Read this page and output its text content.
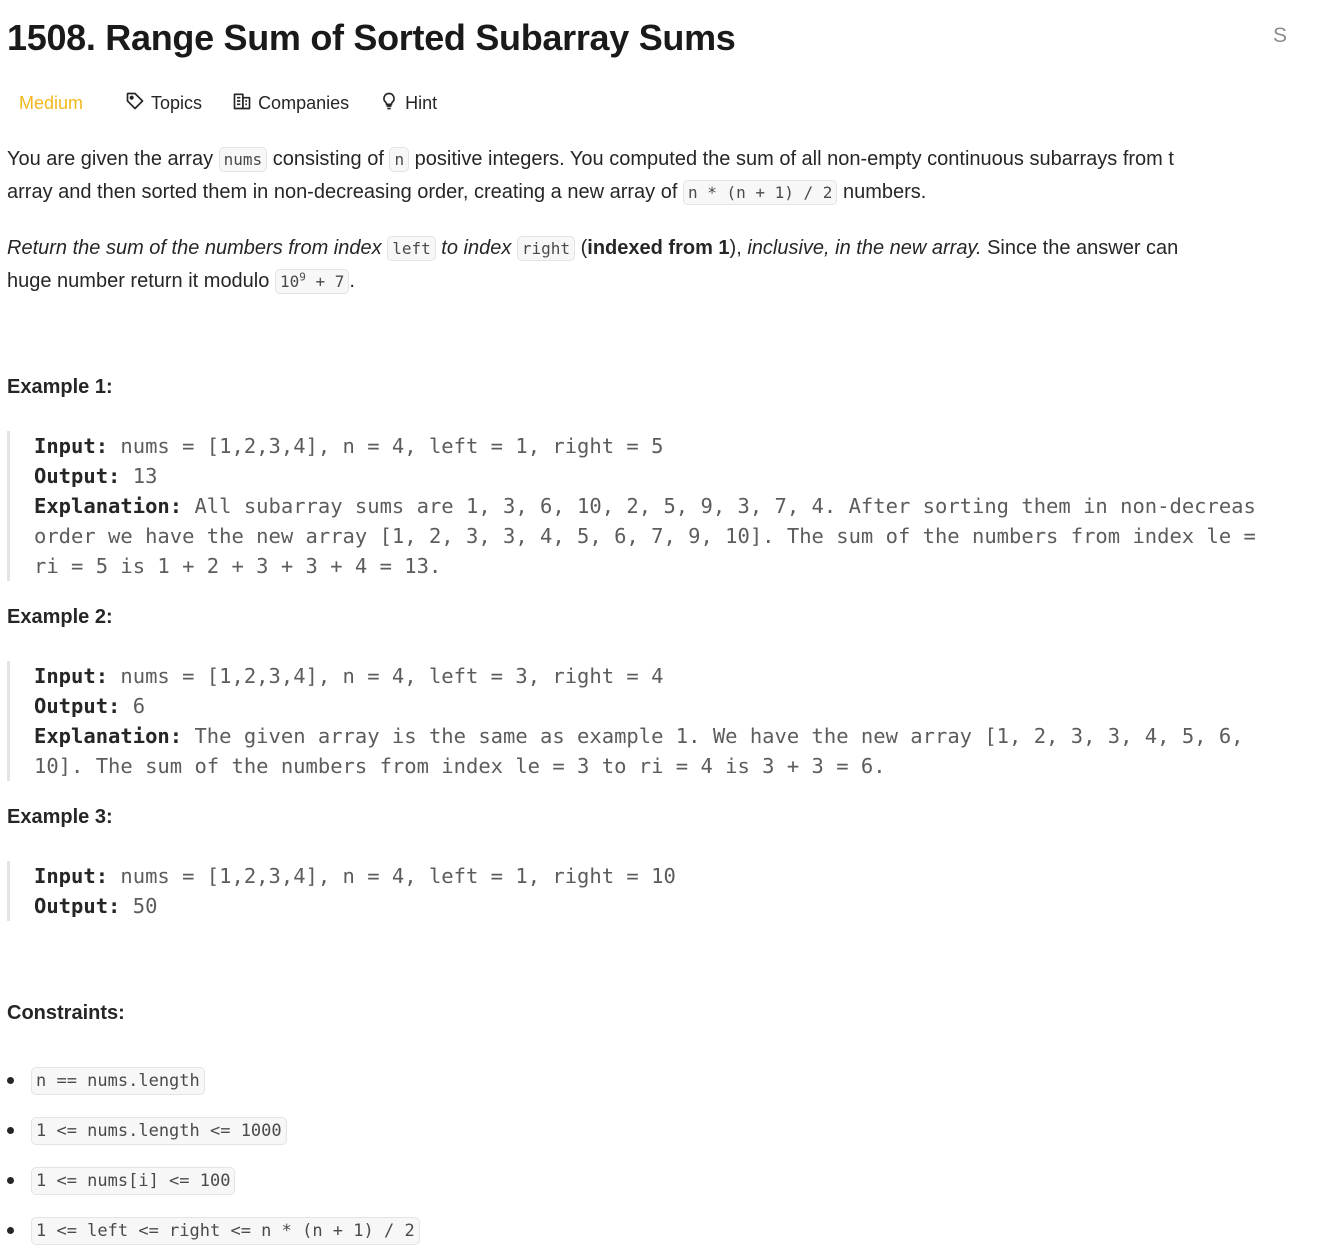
1508. Range Sum of Sorted Subarray Sums	S
Medium	Topics	Companies	Hint

You are given the array nums consisting of n positive integers. You computed the sum of all non-empty continuous subarrays from t

array and then sorted them in non-decreasing order, creating a new array of n * (n + 1) / 2 numbers.

Return the sum of the numbers from index left to index right (indexed from 1), inclusive, in the new array. Since the answer can

huge number return it modulo $10^9 + 7$ .

Example 1:
Input: nums = [1,2,3,4], n = 4, left = 1, right = 5
Output: 13
Explanation: All subarray sums are 1, 3, 6, 10, 2, 5, 9, 3, 7, 4. After sorting them in non-decreas
order we have the new array [1, 2, 3, 3, 4, 5, 6, 7, 9, 10]. The sum of the numbers from index le =
ri = 5 is 1 + 2 + 3 + 3 + 4 = 13.
Example 2:
Input: nums = [1,2,3,4], n = 4, left = 3, right = 4
Output: 6
Explanation: The given array is the same as example 1. We have the new array [1, 2, 3, 3, 4, 5, 6,
10]. The sum of the numbers from index le = 3 to ri = 4 is 3 + 3 = 6.
Example 3:
Input: nums = [1,2,3,4], n = 4, left = 1, right = 10
Output: 50
Constraints:
n == nums.length
1 <= nums.length <= 1000
1 <= nums[i] <= 100
1 <= left <= right <= n * (n + 1) / 2
